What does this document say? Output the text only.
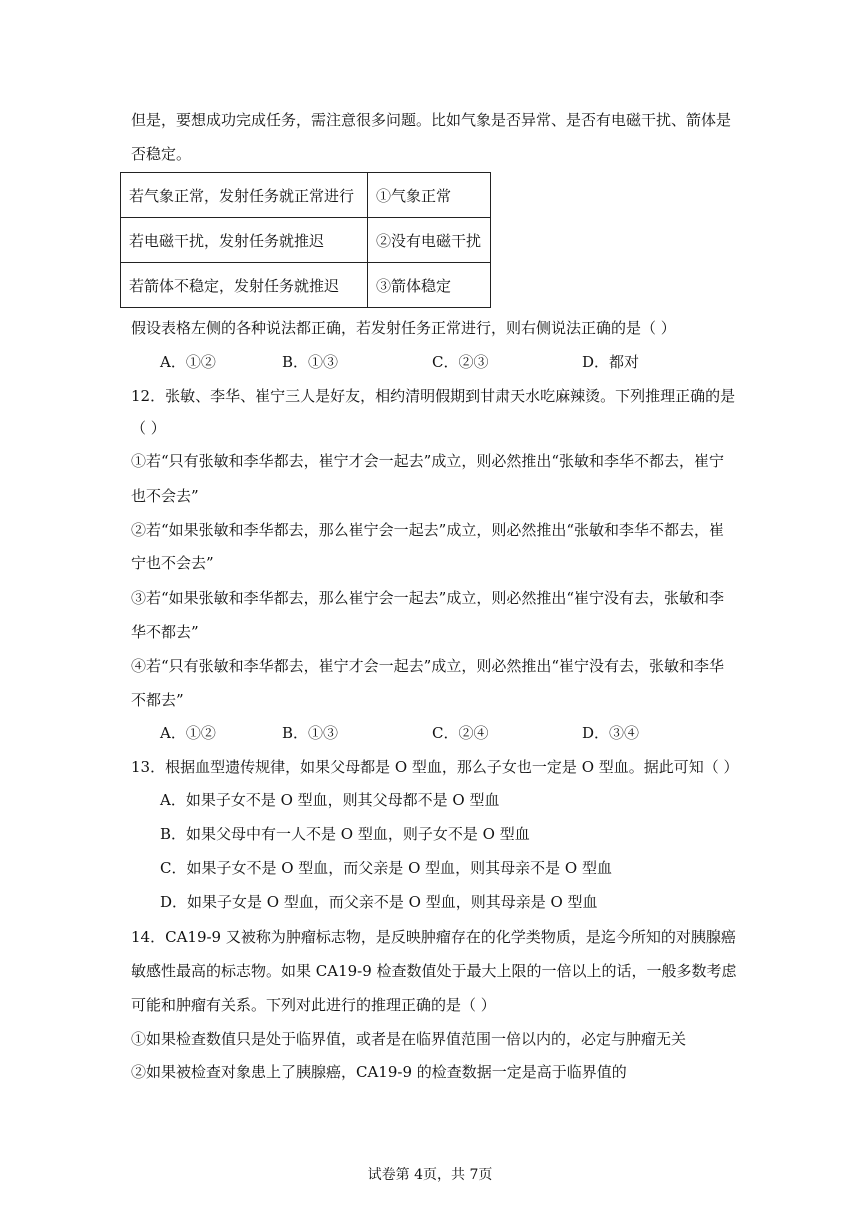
但是，要想成功完成任务，需注意很多问题。比如气象是否异常、是否有电磁干扰、箭体是
否稳定。
若气象正常，发射任务就正常进行	①气象正常
若电磁干扰，发射任务就推迟	②没有电磁干扰
若箭体不稳定，发射任务就推迟	③箭体稳定
假设表格左侧的各种说法都正确，若发射任务正常进行，则右侧说法正确的是（ ）
A．①②	B．①③	C．②③	D．都对
12．张敏、李华、崔宁三人是好友，相约清明假期到甘肃天水吃麻辣烫。下列推理正确的是
（ ）
①若“只有张敏和李华都去，崔宁才会一起去”成立，则必然推出“张敏和李华不都去，崔宁
也不会去”
②若“如果张敏和李华都去，那么崔宁会一起去”成立，则必然推出“张敏和李华不都去，崔
宁也不会去”
③若“如果张敏和李华都去，那么崔宁会一起去”成立，则必然推出“崔宁没有去，张敏和李
华不都去”
④若“只有张敏和李华都去，崔宁才会一起去”成立，则必然推出“崔宁没有去，张敏和李华
不都去”
A．①②	B．①③	C．②④	D．③④
13．根据血型遗传规律，如果父母都是 O 型血，那么子女也一定是 O 型血。据此可知（ ）
A．如果子女不是 O 型血，则其父母都不是 O 型血
B．如果父母中有一人不是 O 型血，则子女不是 O 型血
C．如果子女不是 O 型血，而父亲是 O 型血，则其母亲不是 O 型血
D．如果子女是 O 型血，而父亲不是 O 型血，则其母亲是 O 型血
14．CA19-9 又被称为肿瘤标志物，是反映肿瘤存在的化学类物质，是迄今所知的对胰腺癌
敏感性最高的标志物。如果 CA19-9 检查数值处于最大上限的一倍以上的话，一般多数考虑
可能和肿瘤有关系。下列对此进行的推理正确的是（ ）
①如果检查数值只是处于临界值，或者是在临界值范围一倍以内的，必定与肿瘤无关
②如果被检查对象患上了胰腺癌，CA19-9 的检查数据一定是高于临界值的
试卷第 4页，共 7页
